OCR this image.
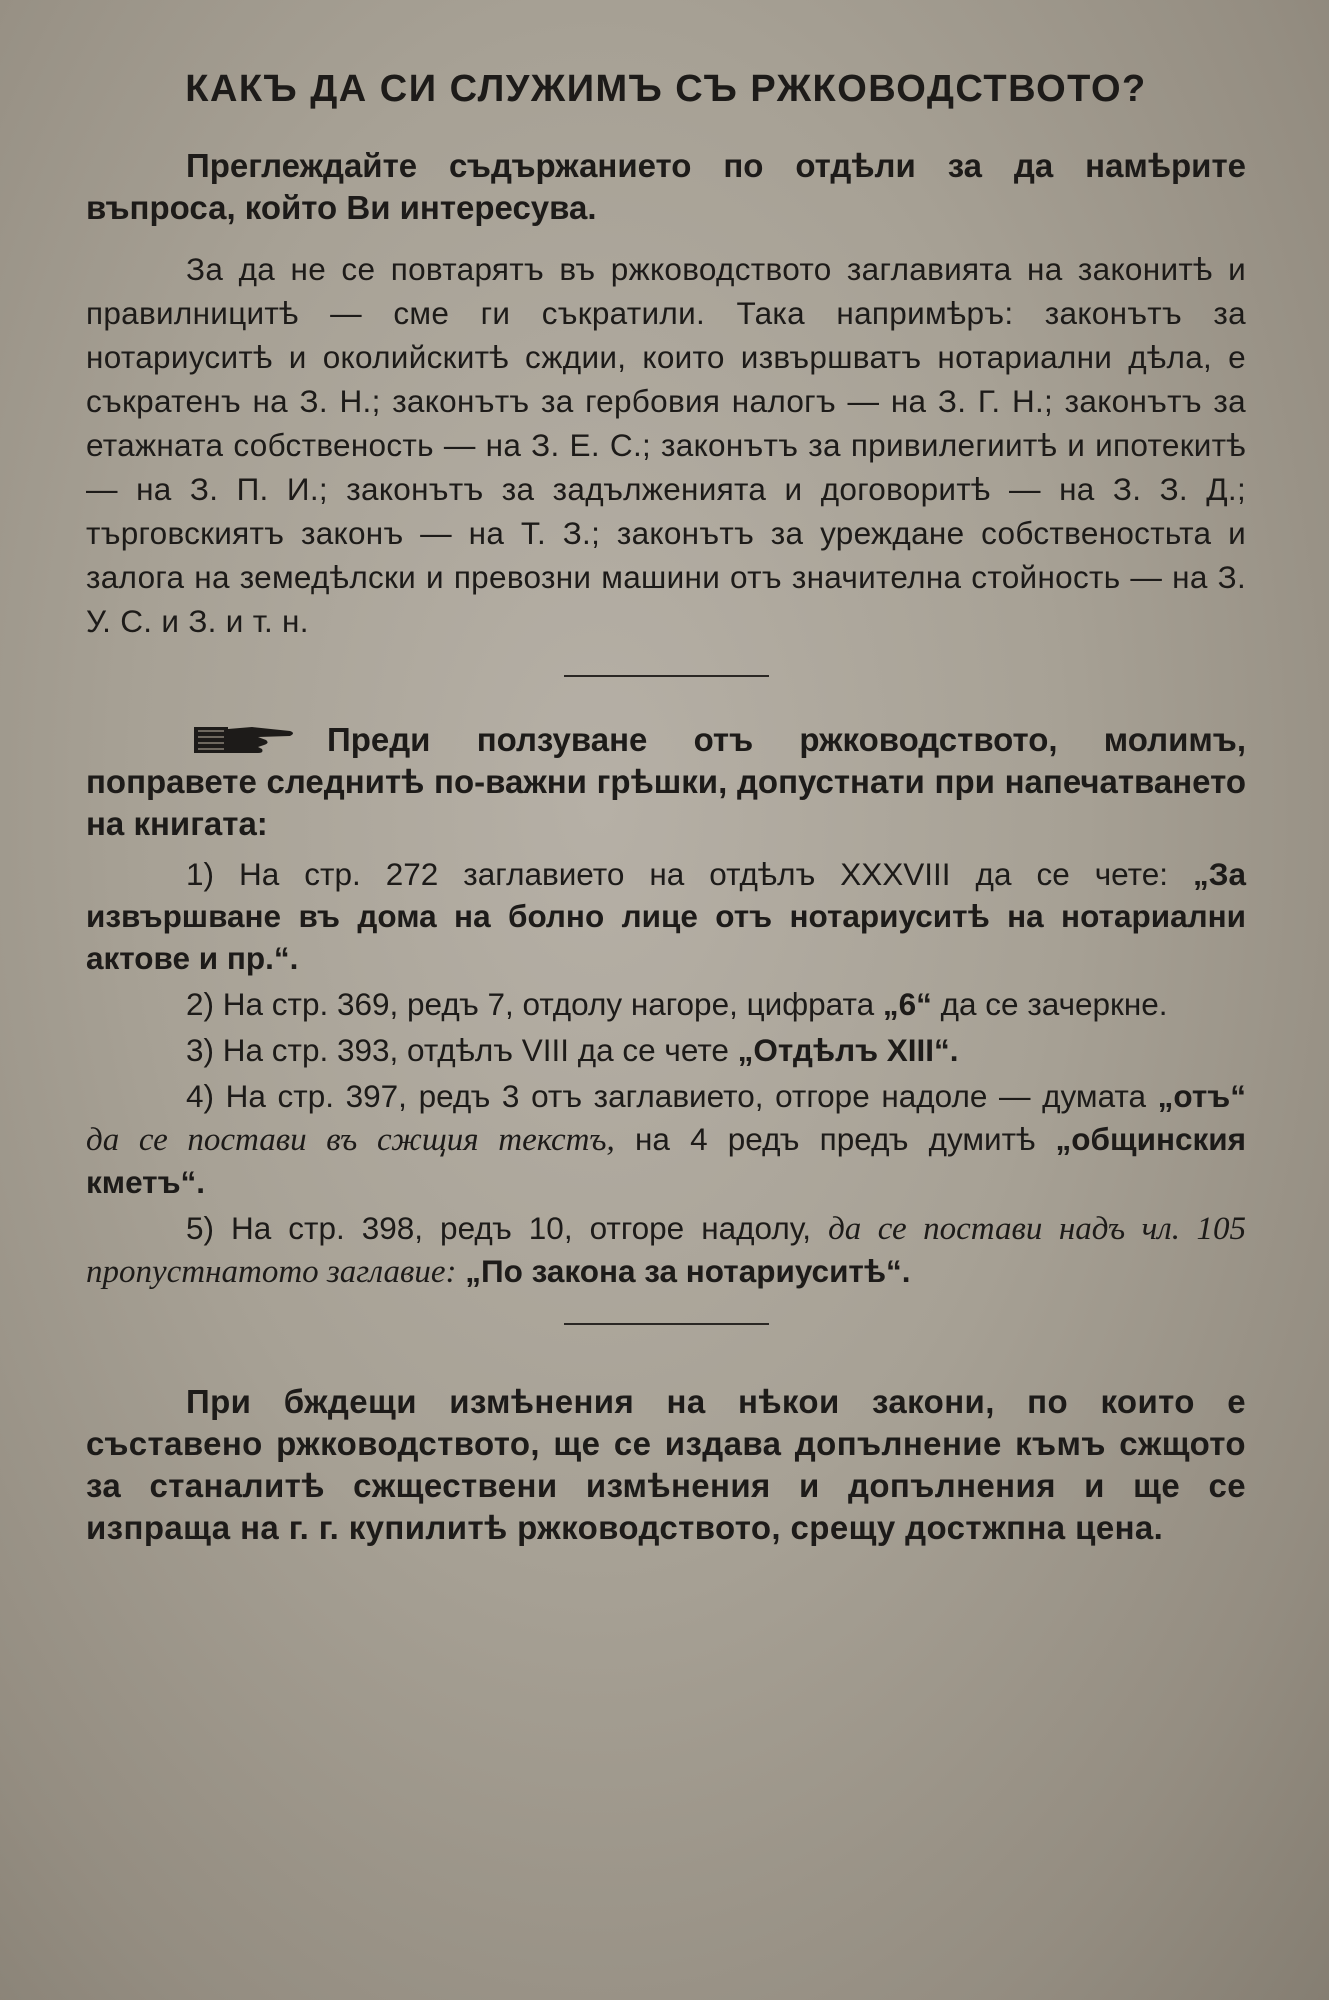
КАКЪ ДА СИ СЛУЖИМЪ СЪ РЖКОВОДСТВОТО?

Преглеждайте съдържанието по отдѣли за да намѣрите въпроса, който Ви интересува.

За да не се повтарятъ въ ржководството заглавията на законитѣ и правилницитѣ — сме ги съкратили. Така напримѣръ: законътъ за нотариуситѣ и околийскитѣ сждии, които извършватъ нотариални дѣла, е съкратенъ на З. Н.; законътъ за гербовия налогъ — на З. Г. Н.; законътъ за етажната собственость — на З. Е. С.; законътъ за привилегиитѣ и ипотекитѣ — на З. П. И.; законътъ за задълженията и договоритѣ — на З. З. Д.; търговскиятъ законъ — на Т. З.; законътъ за уреждане собственостьта и залога на земедѣлски и превозни машини отъ значителна стойность — на З. У. С. и З. и т. н.

Преди ползуване отъ ржководството, молимъ, поправете следнитѣ по-важни грѣшки, допустнати при напечатването на книгата:

1) На стр. 272 заглавието на отдѣлъ XXXVIII да се чете: „За извършване въ дома на болно лице отъ нотариуситѣ на нотариални актове и пр.“.

2) На стр. 369, редъ 7, отдолу нагоре, цифрата „6“ да се зачеркне.

3) На стр. 393, отдѣлъ VIII да се чете „Отдѣлъ XIII“.

4) На стр. 397, редъ 3 отъ заглавието, отгоре надоле — думата „отъ“ да се постави въ сжщия текстъ, на 4 редъ предъ думитѣ „общинския кметъ“.

5) На стр. 398, редъ 10, отгоре надолу, да се постави надъ чл. 105 пропустнатото заглавие: „По закона за нотариуситѣ“.

При бждещи измѣнения на нѣкои закони, по които е съставено ржководството, ще се издава допълнение къмъ сжщото за станалитѣ сжществени измѣнения и допълнения и ще се изпраща на г. г. купилитѣ ржководството, срещу достжпна цена.
